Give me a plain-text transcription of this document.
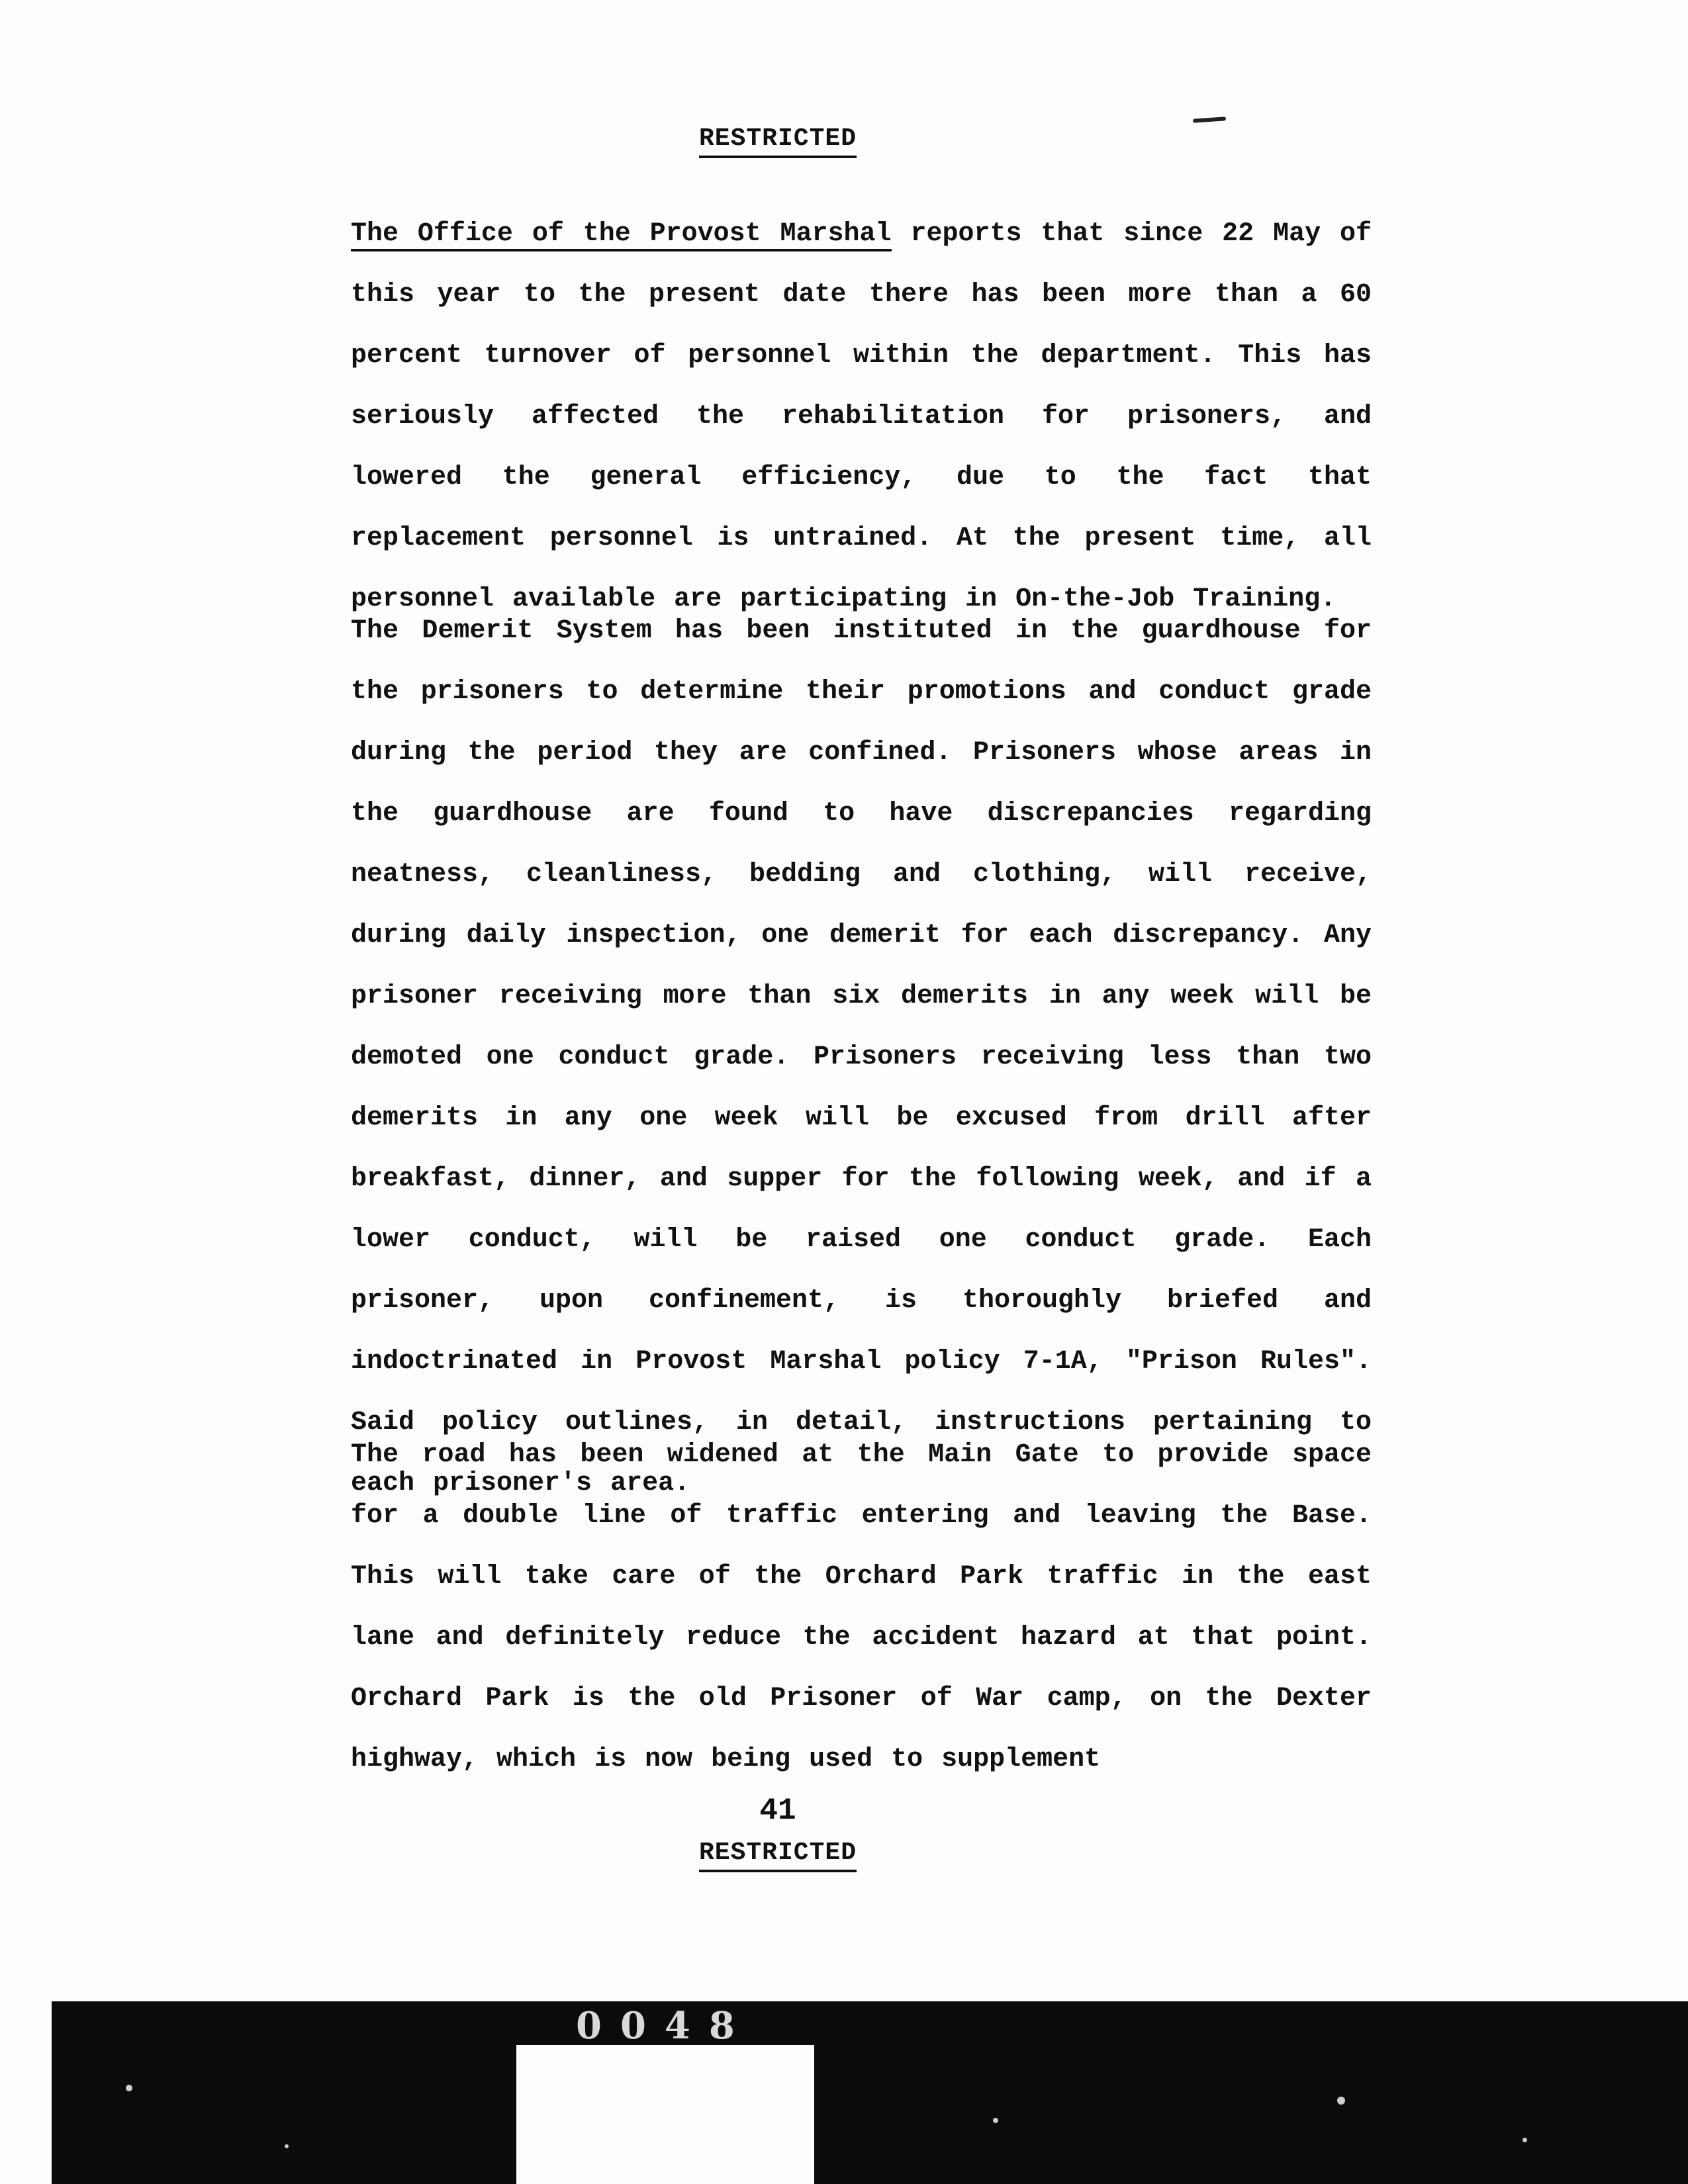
RESTRICTED

The Office of the Provost Marshal reports that since 22 May of this year to the present date there has been more than a 60 percent turnover of personnel within the department. This has seriously affected the rehabilitation for prisoners, and lowered the general efficiency, due to the fact that replacement personnel is untrained. At the present time, all personnel available are participating in On-the-Job Training.

The Demerit System has been instituted in the guardhouse for the prisoners to determine their promotions and conduct grade during the period they are confined. Prisoners whose areas in the guardhouse are found to have discrepancies regarding neatness, cleanliness, bedding and clothing, will receive, during daily inspection, one demerit for each discrepancy. Any prisoner receiving more than six demerits in any week will be demoted one conduct grade. Prisoners receiving less than two demerits in any one week will be excused from drill after breakfast, dinner, and supper for the following week, and if a lower conduct, will be raised one conduct grade. Each prisoner, upon confinement, is thoroughly briefed and indoctrinated in Provost Marshal policy 7-1A, "Prison Rules". Said policy outlines, in detail, instructions pertaining to each prisoner's area.

The road has been widened at the Main Gate to provide space for a double line of traffic entering and leaving the Base. This will take care of the Orchard Park traffic in the east lane and definitely reduce the accident hazard at that point. Orchard Park is the old Prisoner of War camp, on the Dexter highway, which is now being used to supplement

41
RESTRICTED
0048
